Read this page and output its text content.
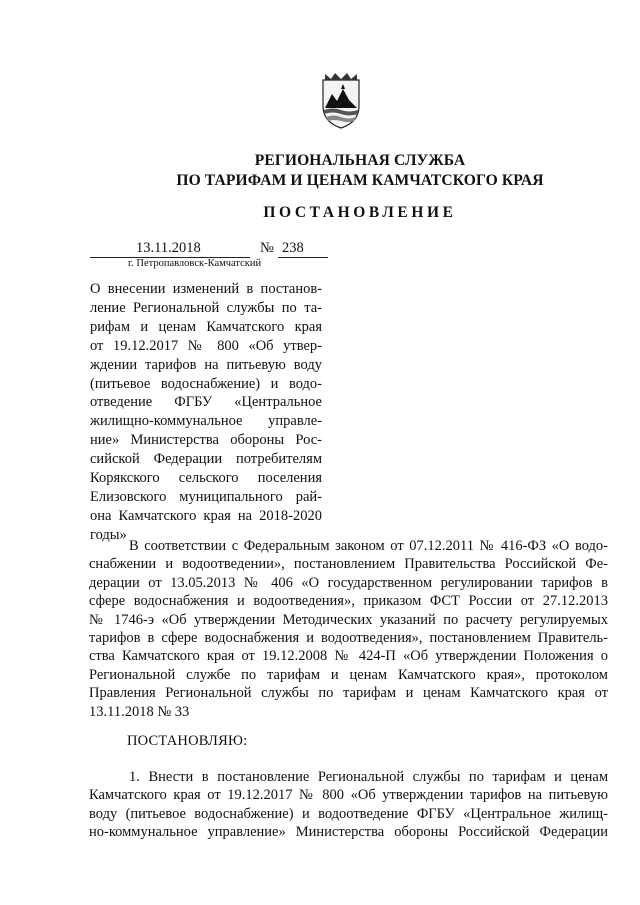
РЕГИОНАЛЬНАЯ СЛУЖБА
ПО ТАРИФАМ И ЦЕНАМ КАМЧАТСКОГО КРАЯ
ПОСТАНОВЛЕНИЕ
13.11.2018	№ 238
г. Петропавловск-Камчатский
О внесении изменений в постанов-
ление Региональной службы по та-
рифам и ценам Камчатского края
от 19.12.2017 № 800 «Об утвер-
ждении тарифов на питьевую воду
(питьевое водоснабжение) и водо-
отведение ФГБУ «Центральное
жилищно-коммунальное управле-
ние» Министерства обороны Рос-
сийской Федерации потребителям
Корякского сельского поселения
Елизовского муниципального рай-
она Камчатского края на 2018-2020
годы»
В соответствии с Федеральным законом от 07.12.2011 № 416-ФЗ «О водо-
снабжении и водоотведении», постановлением Правительства Российской Фе-
дерации от 13.05.2013 № 406 «О государственном регулировании тарифов в
сфере водоснабжения и водоотведения», приказом ФСТ России от 27.12.2013
№ 1746-э «Об утверждении Методических указаний по расчету регулируемых
тарифов в сфере водоснабжения и водоотведения», постановлением Правитель-
ства Камчатского края от 19.12.2008 № 424-П «Об утверждении Положения о
Региональной службе по тарифам и ценам Камчатского края», протоколом
Правления Региональной службы по тарифам и ценам Камчатского края от
13.11.2018 № 33
ПОСТАНОВЛЯЮ:
1. Внести в постановление Региональной службы по тарифам и ценам
Камчатского края от 19.12.2017 № 800 «Об утверждении тарифов на питьевую
воду (питьевое водоснабжение) и водоотведение ФГБУ «Центральное жилищ-
но-коммунальное управление» Министерства обороны Российской Федерации
